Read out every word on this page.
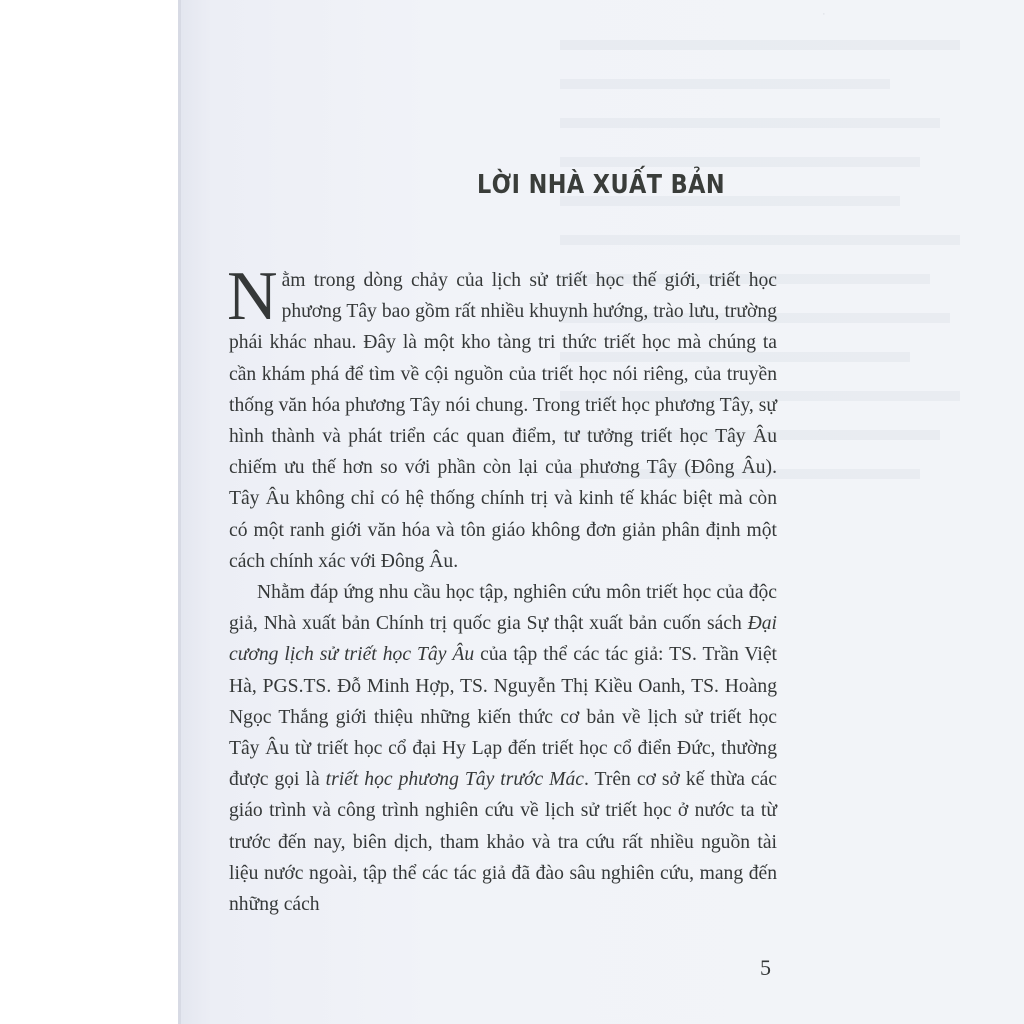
·
LỜI NHÀ XUẤT BẢN

Nằm trong dòng chảy của lịch sử triết học thế giới, triết học phương Tây bao gồm rất nhiều khuynh hướng, trào lưu, trường phái khác nhau. Đây là một kho tàng tri thức triết học mà chúng ta cần khám phá để tìm về cội nguồn của triết học nói riêng, của truyền thống văn hóa phương Tây nói chung. Trong triết học phương Tây, sự hình thành và phát triển các quan điểm, tư tưởng triết học Tây Âu chiếm ưu thế hơn so với phần còn lại của phương Tây (Đông Âu). Tây Âu không chỉ có hệ thống chính trị và kinh tế khác biệt mà còn có một ranh giới văn hóa và tôn giáo không đơn giản phân định một cách chính xác với Đông Âu.

Nhằm đáp ứng nhu cầu học tập, nghiên cứu môn triết học của độc giả, Nhà xuất bản Chính trị quốc gia Sự thật xuất bản cuốn sách Đại cương lịch sử triết học Tây Âu của tập thể các tác giả: TS. Trần Việt Hà, PGS.TS. Đỗ Minh Hợp, TS. Nguyễn Thị Kiều Oanh, TS. Hoàng Ngọc Thắng giới thiệu những kiến thức cơ bản về lịch sử triết học Tây Âu từ triết học cổ đại Hy Lạp đến triết học cổ điển Đức, thường được gọi là triết học phương Tây trước Mác. Trên cơ sở kế thừa các giáo trình và công trình nghiên cứu về lịch sử triết học ở nước ta từ trước đến nay, biên dịch, tham khảo và tra cứu rất nhiều nguồn tài liệu nước ngoài, tập thể các tác giả đã đào sâu nghiên cứu, mang đến những cách

5
